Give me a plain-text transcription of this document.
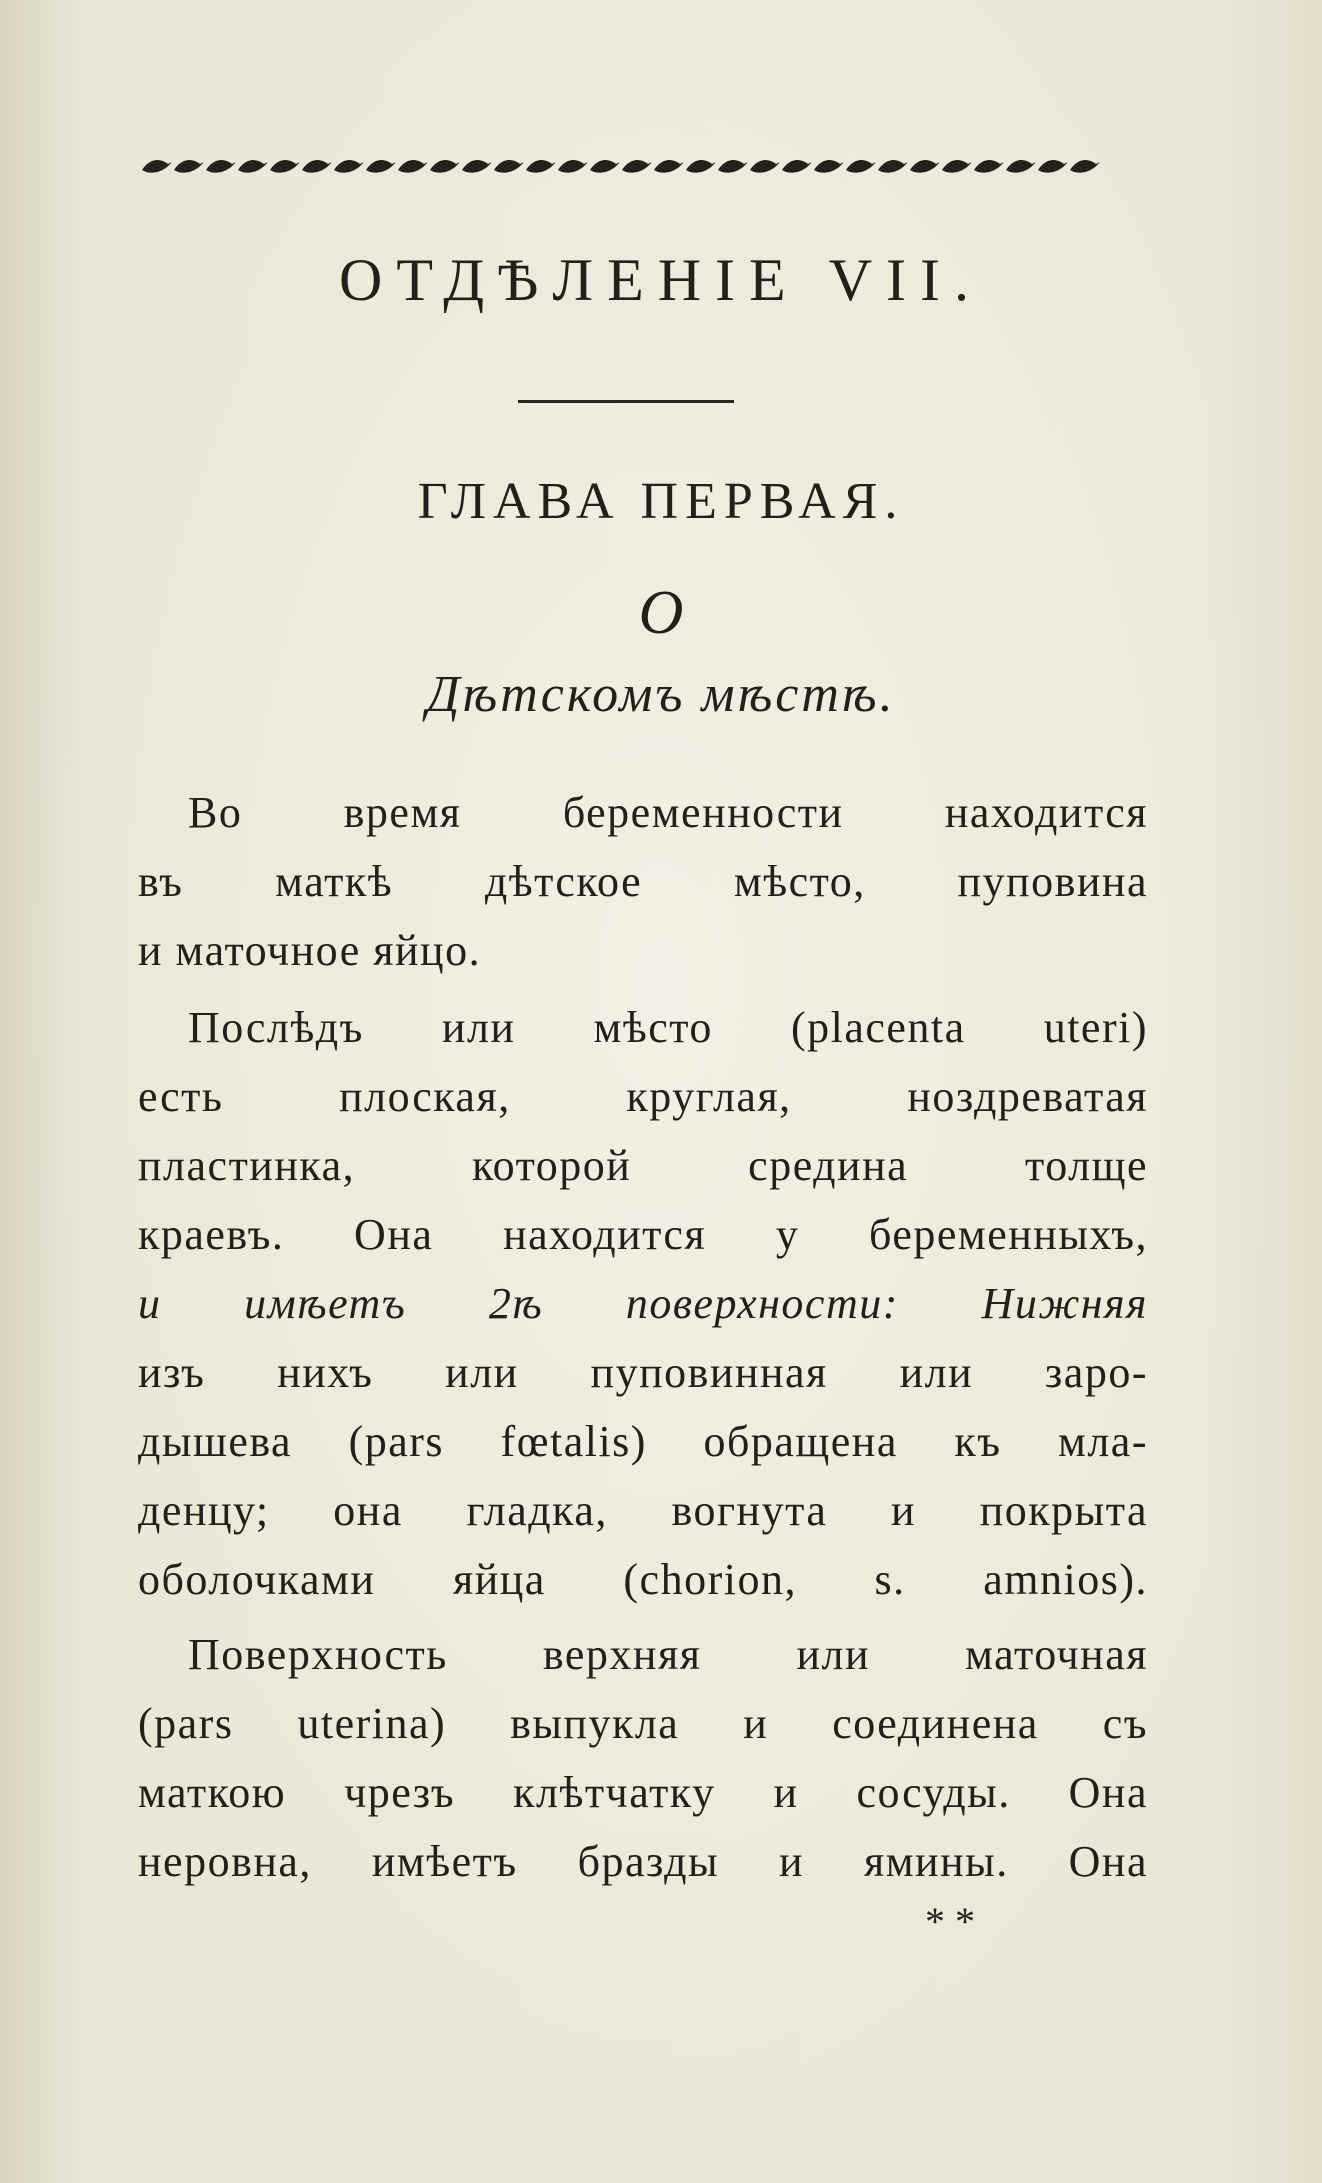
ОТДѢЛЕНІЕ VII.
ГЛАВА ПЕРВАЯ.
О
Дѣтскомъ мѣстѣ.
Во время беременности находится
въ маткѣ дѣтское мѣсто, пуповина
и маточное яйцо.
Послѣдъ или мѣсто (placenta uteri)
есть плоская, круглая, ноздреватая
пластинка, которой средина толще
краевъ. Она находится у беременныхъ,
и имѣетъ 2ѣ поверхности: Нижняя
изъ нихъ или пуповинная или заро-
дышева (pars fœtalis) обращена къ мла-
денцу; она гладка, вогнута и покрыта
оболочками яйца (chorion, s. amnios).
Поверхность верхняя или маточная
(pars uterina) выпукла и соединена съ
маткою чрезъ клѣтчатку и сосуды. Она
неровна, имѣетъ бразды и ямины. Она
**
